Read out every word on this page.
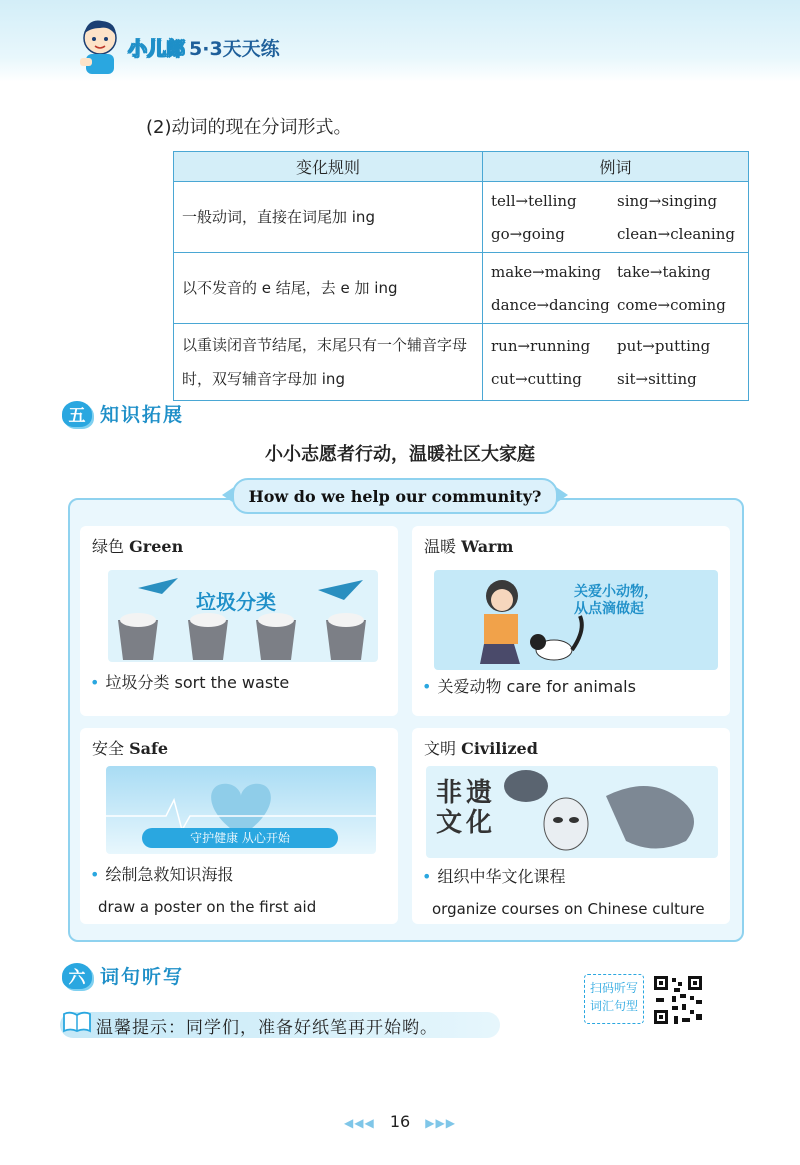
小儿郎 5·3天天练
(2)动词的现在分词形式。
变化规则	例词
一般动词，直接在词尾加 ing	tell→telling sing→singing
go→going clean→cleaning

以不发音的 e 结尾，去 e 加 ing	make→making take→taking
dance→dancing come→coming

以重读闭音节结尾，末尾只有一个辅音字母时，双写辅音字母加 ing	run→running put→putting
cut→cutting sit→sitting
五 知识拓展
小小志愿者行动，温暖社区大家庭
How do we help our community?
绿色 Green
垃圾分类
• 垃圾分类 sort the waste
温暖 Warm
关爱小动物，从点滴做起
• 关爱动物 care for animals
安全 Safe
守护健康 从心开始
• 绘制急救知识海报
draw a poster on the first aid
文明 Civilized
非遗文化
• 组织中华文化课程
organize courses on Chinese culture
六 词句听写
温馨提示：同学们，准备好纸笔再开始哟。
扫码听写
词汇句型
◀◀◀ 16 ▶▶▶
